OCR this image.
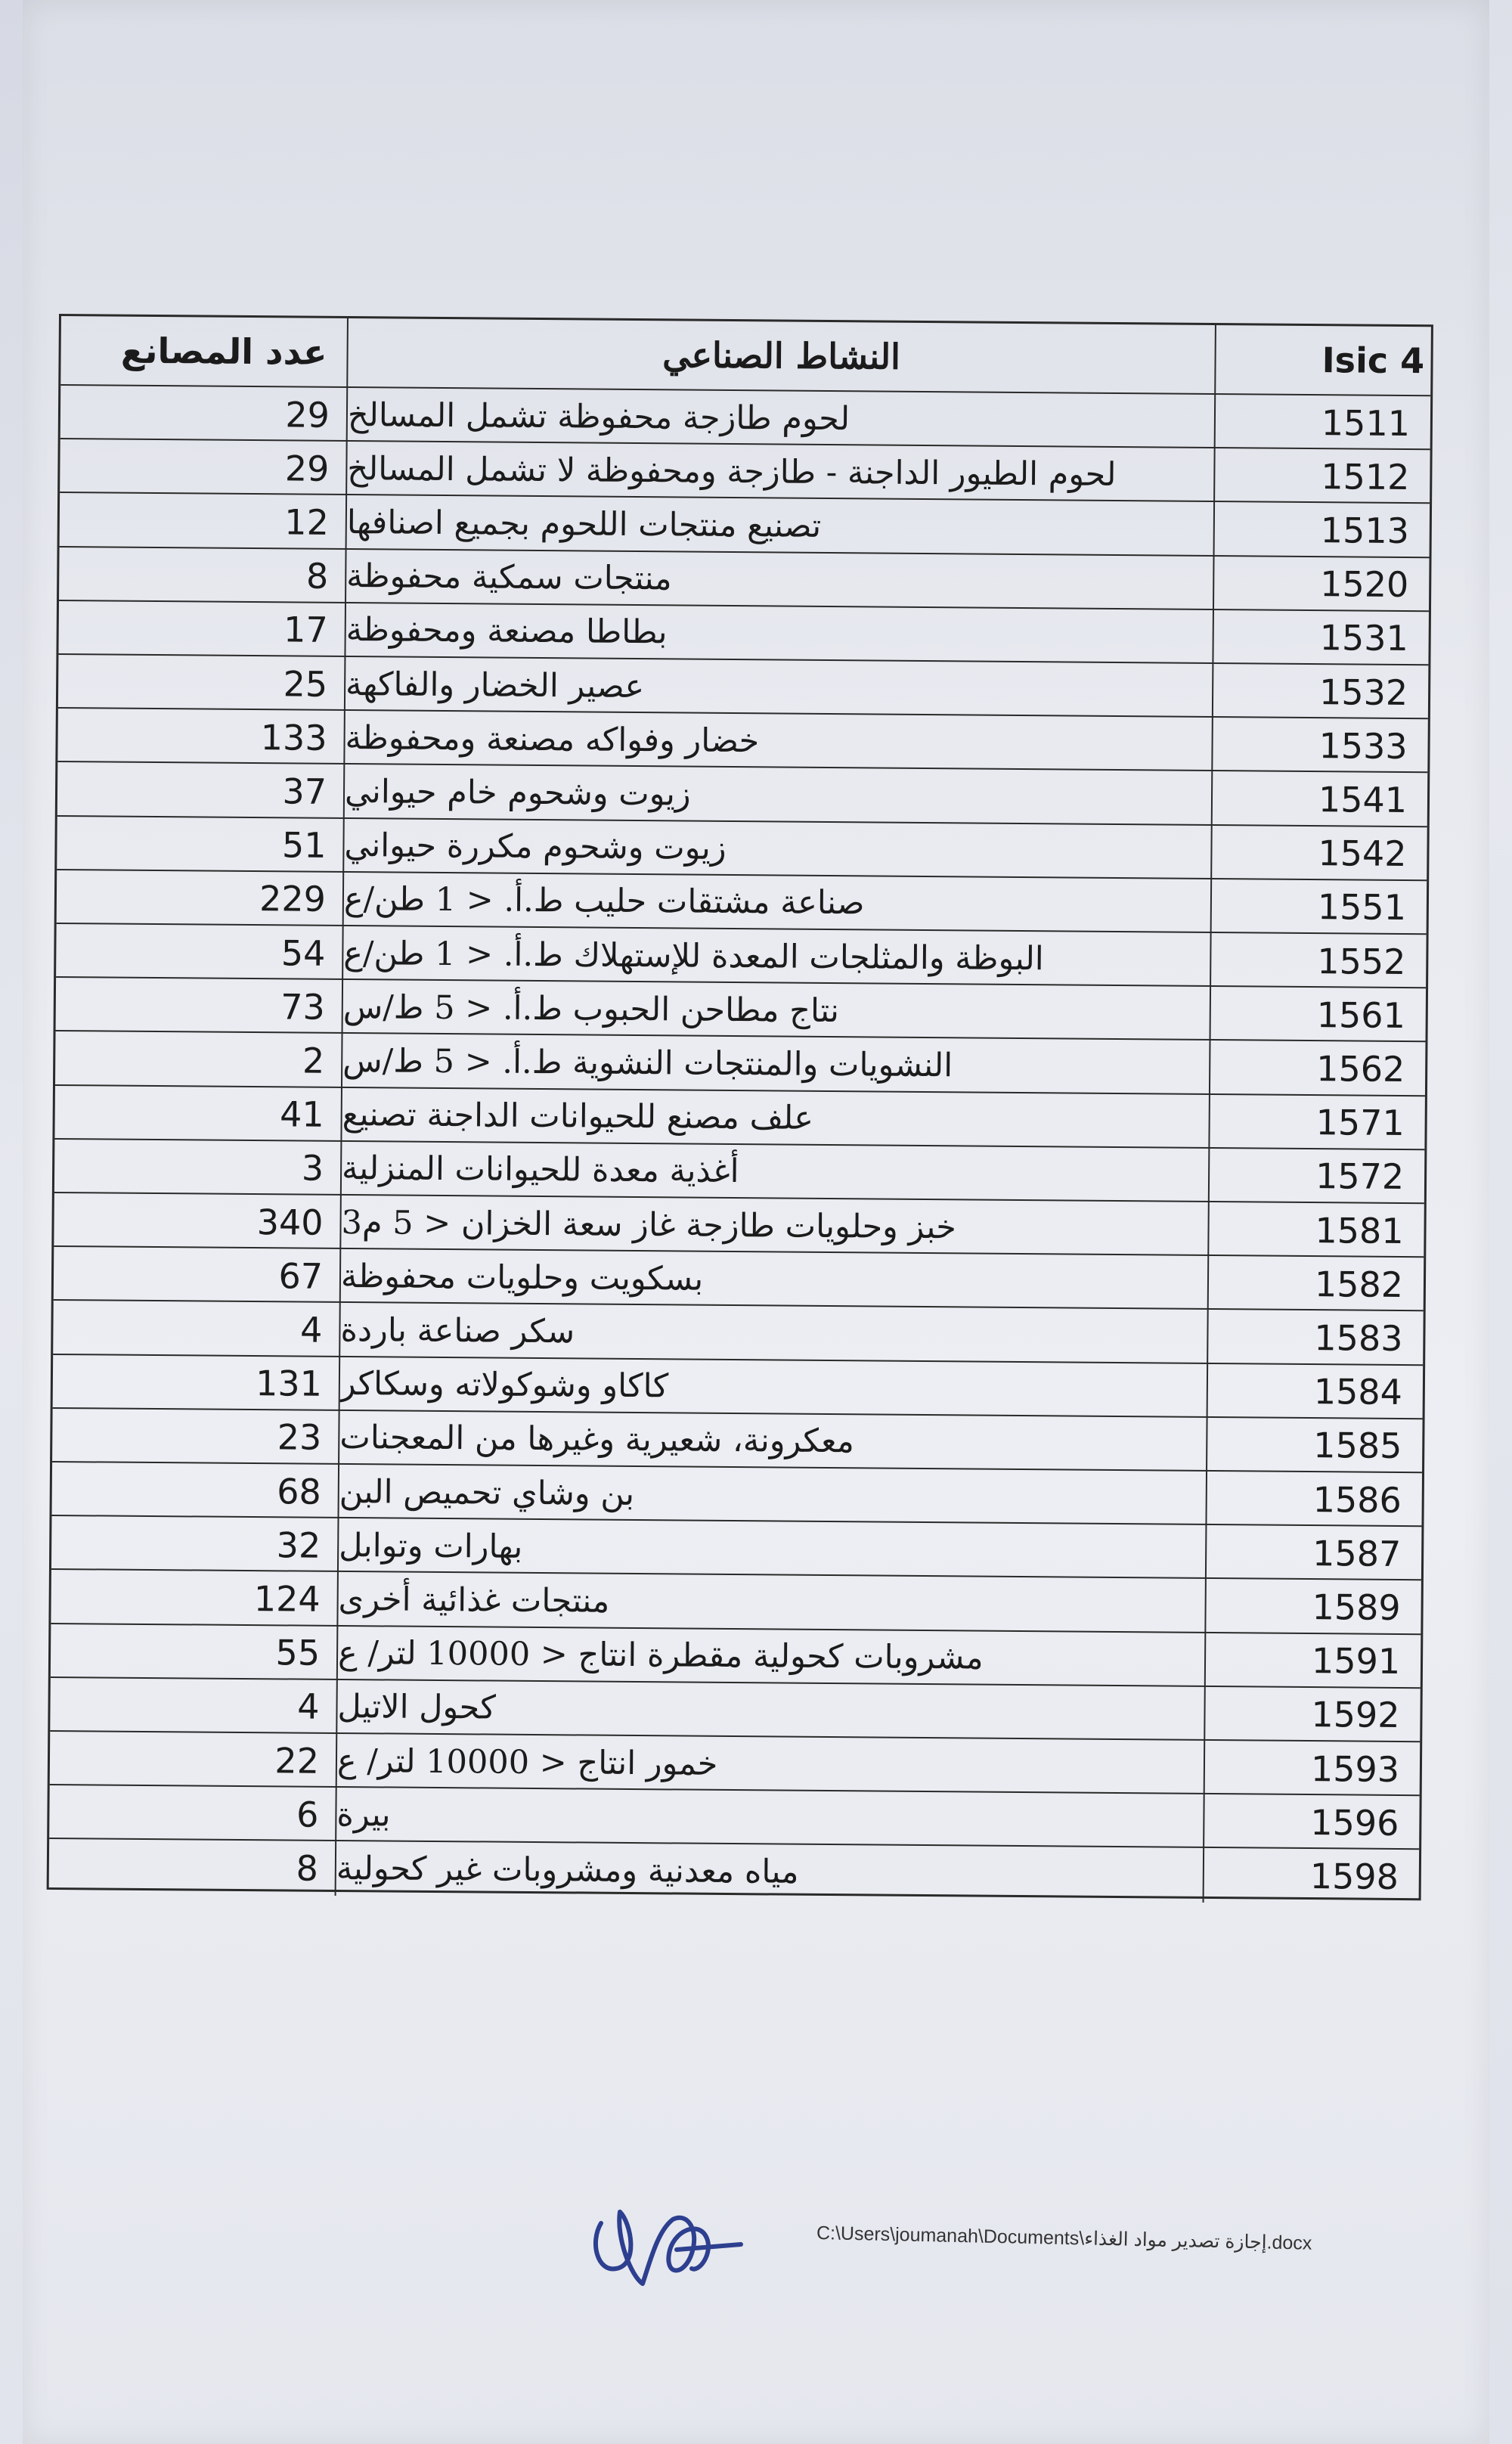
عدد المصانع	النشاط الصناعي	Isic 4
29 لحوم طازجة محفوظة تشمل المسالخ	1511
29 لحوم الطيور الداجنة - طازجة ومحفوظة لا تشمل المسالخ	1512
12 تصنيع منتجات اللحوم بجميع اصنافها	1513
8 منتجات سمكية محفوظة	1520
17 بطاطا مصنعة ومحفوظة	1531
25 عصير الخضار والفاكهة	1532
133 خضار وفواكه مصنعة ومحفوظة	1533
37 زيوت وشحوم خام حيواني	1541
51 زيوت وشحوم مكررة حيواني	1542
229 صناعة مشتقات حليب ط.أ. < 1 طن/ع	1551
54 البوظة والمثلجات المعدة للإستهلاك ط.أ. < 1 طن/ع	1552
73 نتاج مطاحن الحبوب ط.أ. < 5 ط/س	1561
2 النشويات والمنتجات النشوية ط.أ. < 5 ط/س	1562
41 علف مصنع للحيوانات الداجنة تصنيع	1571
3 أغذية معدة للحيوانات المنزلية	1572
340 خبز وحلويات طازجة غاز سعة الخزان < 5 م3	1581
67 بسكويت وحلويات محفوظة	1582
4 سكر صناعة باردة	1583
131 كاكاو وشوكولاته وسكاكر	1584
23 معكرونة، شعيرية وغيرها من المعجنات	1585
68 بن وشاي تحميص البن	1586
32 بهارات وتوابل	1587
124 منتجات غذائية أخرى	1589
55 مشروبات كحولية مقطرة انتاج < 10000 لتر/ ع	1591
4 كحول الاتيل	1592
22 خمور انتاج < 10000 لتر/ ع	1593
6 بيرة	1596
8 مياه معدنية ومشروبات غير كحولية	1598
C:\Users\joumanah\Documents\إجازة تصدير مواد الغذاء.docx
